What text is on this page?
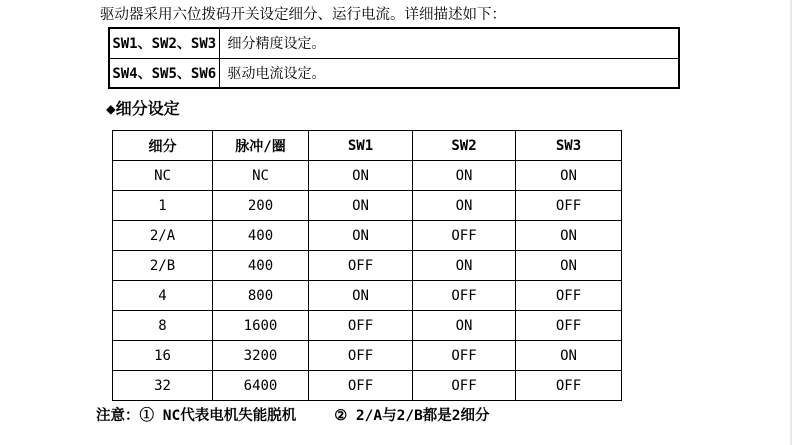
驱动器采用六位拨码开关设定细分、运行电流。详细描述如下：

SW1、SW2、SW3	细分精度设定。
SW4、SW5、SW6	驱动电流设定。
◆细分设定
细分	脉冲/圈	SW1	SW2	SW3
NC	NC	ON	ON	ON
1	200	ON	ON	OFF
2/A	400	ON	OFF	ON
2/B	400	OFF	ON	ON
4	800	ON	OFF	OFF
8	1600	OFF	ON	OFF
16	3200	OFF	OFF	ON
32	6400	OFF	OFF	OFF

注意：① NC代表电机失能脱机	② 2/A与2/B都是2细分
